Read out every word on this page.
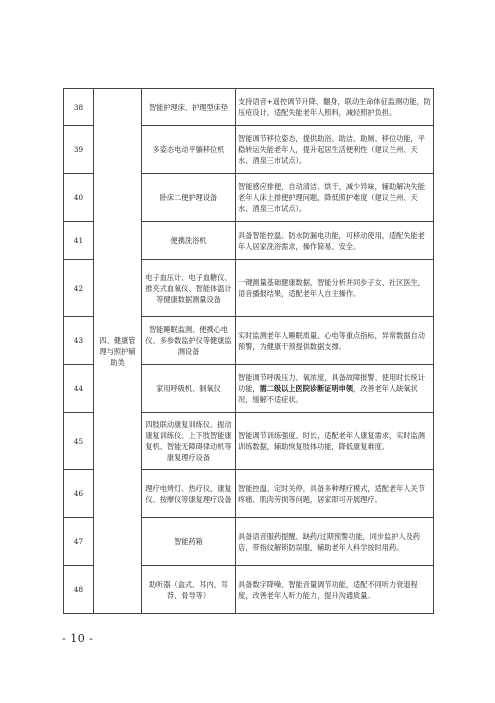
38	四、健康管理与照护辅助类	智能护理床、护理型床垫	支持语音+遥控调节升降、翻身，联动生命体征监测功能，防压疮设计，适配失能老年人照料，减轻照护负担。
39		多姿态电动平躺移位机	智能调节移位姿态，提供助浴、助洁、助厕、移位功能，平稳转运失能老年人，提升起居生活便利性（建议兰州、天水、酒泉三市试点）。
40		卧床二便护理设备	智能感应排便，自动清洁、烘干，减少异味，辅助解决失能老年人床上排便护理问题，降低照护难度（建议兰州、天水、酒泉三市试点）。
41		便携洗浴机	具备智能控温、防水防漏电功能，可移动使用，适配失能老年人居家洗浴需求，操作简易、安全。
42		电子血压计、电子血糖仪、推夹式血氧仪、智能体温计等健康数据测量设备	一键测量基础健康数据，智能分析并同步子女、社区医生，语音播报结果，适配老年人自主操作。
43		智能睡眠监测、便携心电仪、多参数监护仪等健康监测设备	实时监测老年人睡眠质量、心电等重点指标，异常数据自动预警，为健康干预提供数据支撑。
44		家用呼吸机、制氧仪	智能调节呼吸压力、氧浓度，具备故障报警、使用时长统计功能，需二级以上医院诊断证明申领，改善老年人缺氧状况，缓解不适症状。
45		四肢联动康复训练仪、振动康复训练仪、上下肢智能康复机、智能无障碍律动机等康复理疗设备	智能调节训练强度、时长，适配老年人康复需求，实时监测训练数据，辅助恢复肢体功能，降低康复难度。
46		理疗电烤灯、热疗仪、康复仪、按摩仪等康复理疗设备	智能控温、定时关停，具备多种理疗模式，适配老年人关节疼痛、肌肉劳损等问题，居家即可开展理疗。
47		智能药箱	具备语音服药提醒、缺药/过期预警功能，同步监护人及药店，带指纹解锁防误服，辅助老年人科学按时用药。
48		助听器（盒式、耳内、耳背、骨导等）	具备数字降噪、智能音量调节功能，适配不同听力衰退程度，改善老年人听力能力，提升沟通质量。
- 10 -
